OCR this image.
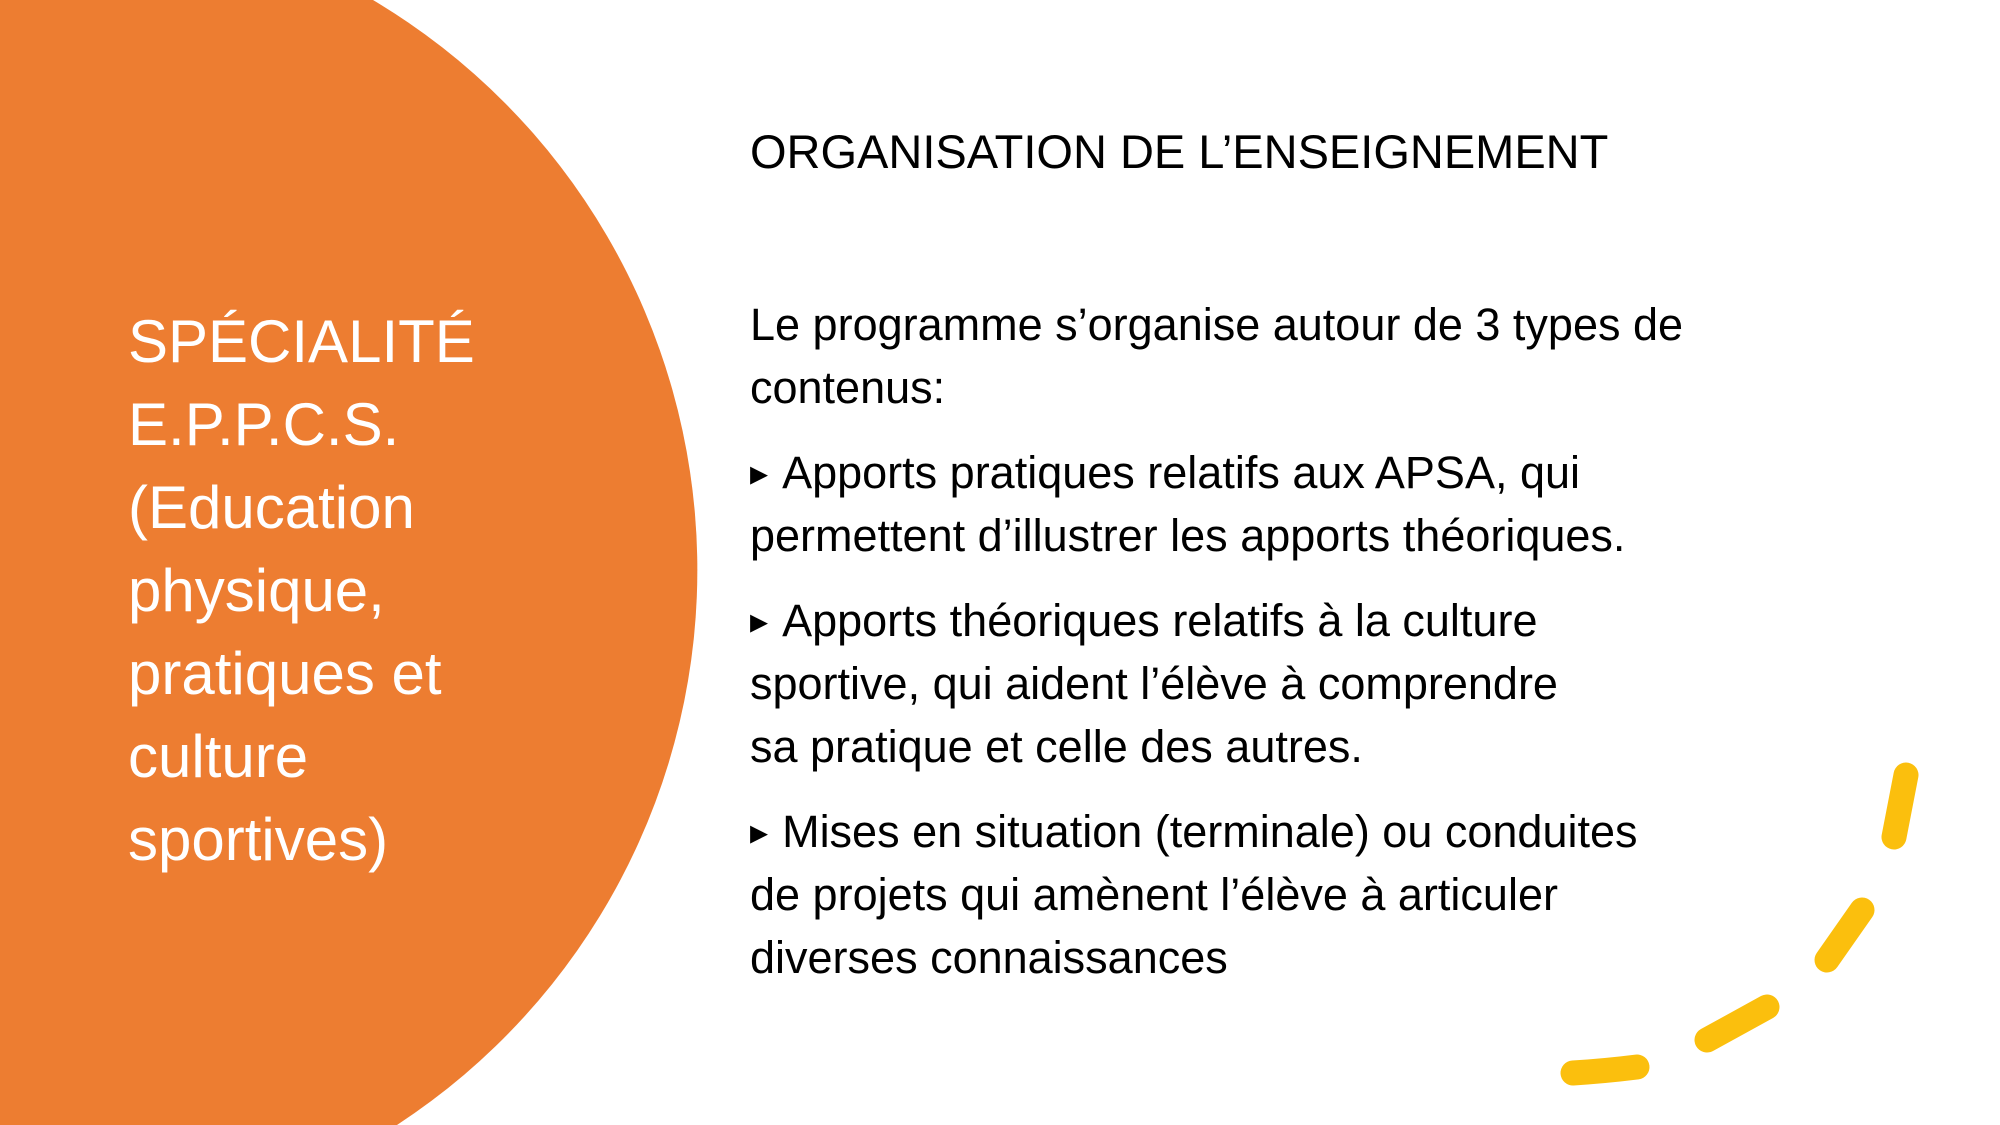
SPÉCIALITÉ
E.P.P.C.S.
(Education
physique,
pratiques et
culture
sportives)
ORGANISATION DE L’ENSEIGNEMENT

Le programme s’organise autour de 3 types de
contenus:

▸ Apports pratiques relatifs aux APSA, qui
permettent d’illustrer les apports théoriques.

▸ Apports théoriques relatifs à la culture
sportive, qui aident l’élève à comprendre
sa pratique et celle des autres.

▸ Mises en situation (terminale) ou conduites
de projets qui amènent l’élève à articuler
diverses connaissances
